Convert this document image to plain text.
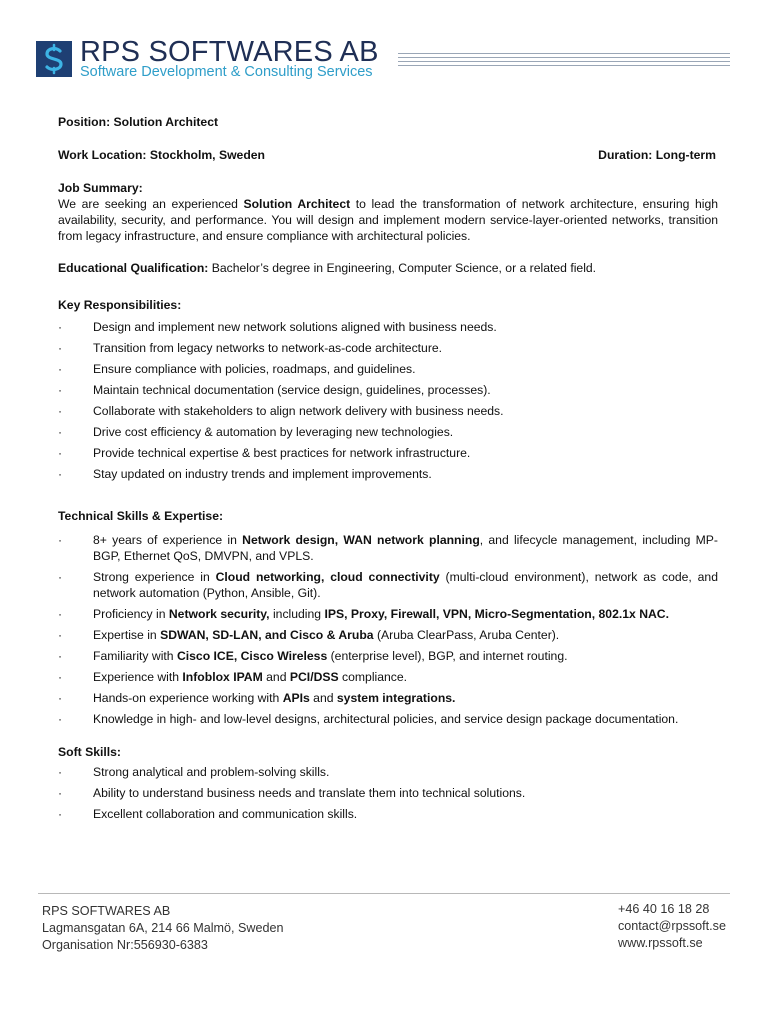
RPS SOFTWARES AB
Software Development & Consulting Services

Position: Solution Architect

Work Location: Stockholm, Sweden	Duration: Long-term

Job Summary:

We are seeking an experienced Solution Architect to lead the transformation of network architecture, ensuring high availability, security, and performance. You will design and implement modern service-layer-oriented networks, transition from legacy infrastructure, and ensure compliance with architectural policies.

Educational Qualification: Bachelor’s degree in Engineering, Computer Science, or a related field.

Key Responsibilities:

·	Design and implement new network solutions aligned with business needs.
·	Transition from legacy networks to network-as-code architecture.
·	Ensure compliance with policies, roadmaps, and guidelines.
·	Maintain technical documentation (service design, guidelines, processes).
·	Collaborate with stakeholders to align network delivery with business needs.
·	Drive cost efficiency & automation by leveraging new technologies.
·	Provide technical expertise & best practices for network infrastructure.
·	Stay updated on industry trends and implement improvements.

Technical Skills & Expertise:

·	8+ years of experience in Network design, WAN network planning, and lifecycle management, including MP-BGP, Ethernet QoS, DMVPN, and VPLS.
·	Strong experience in Cloud networking, cloud connectivity (multi-cloud environment), network as code, and network automation (Python, Ansible, Git).
·	Proficiency in Network security, including IPS, Proxy, Firewall, VPN, Micro-Segmentation, 802.1x NAC.
·	Expertise in SDWAN, SD-LAN, and Cisco & Aruba (Aruba ClearPass, Aruba Center).
·	Familiarity with Cisco ICE, Cisco Wireless (enterprise level), BGP, and internet routing.
·	Experience with Infoblox IPAM and PCI/DSS compliance.
·	Hands-on experience working with APIs and system integrations.
·	Knowledge in high- and low-level designs, architectural policies, and service design package documentation.

Soft Skills:

·	Strong analytical and problem-solving skills.
·	Ability to understand business needs and translate them into technical solutions.
·	Excellent collaboration and communication skills.
RPS SOFTWARES AB
Lagmansgatan 6A, 214 66 Malmö, Sweden
Organisation Nr:556930-6383
+46 40 16 18 28
contact@rpssoft.se
www.rpssoft.se
